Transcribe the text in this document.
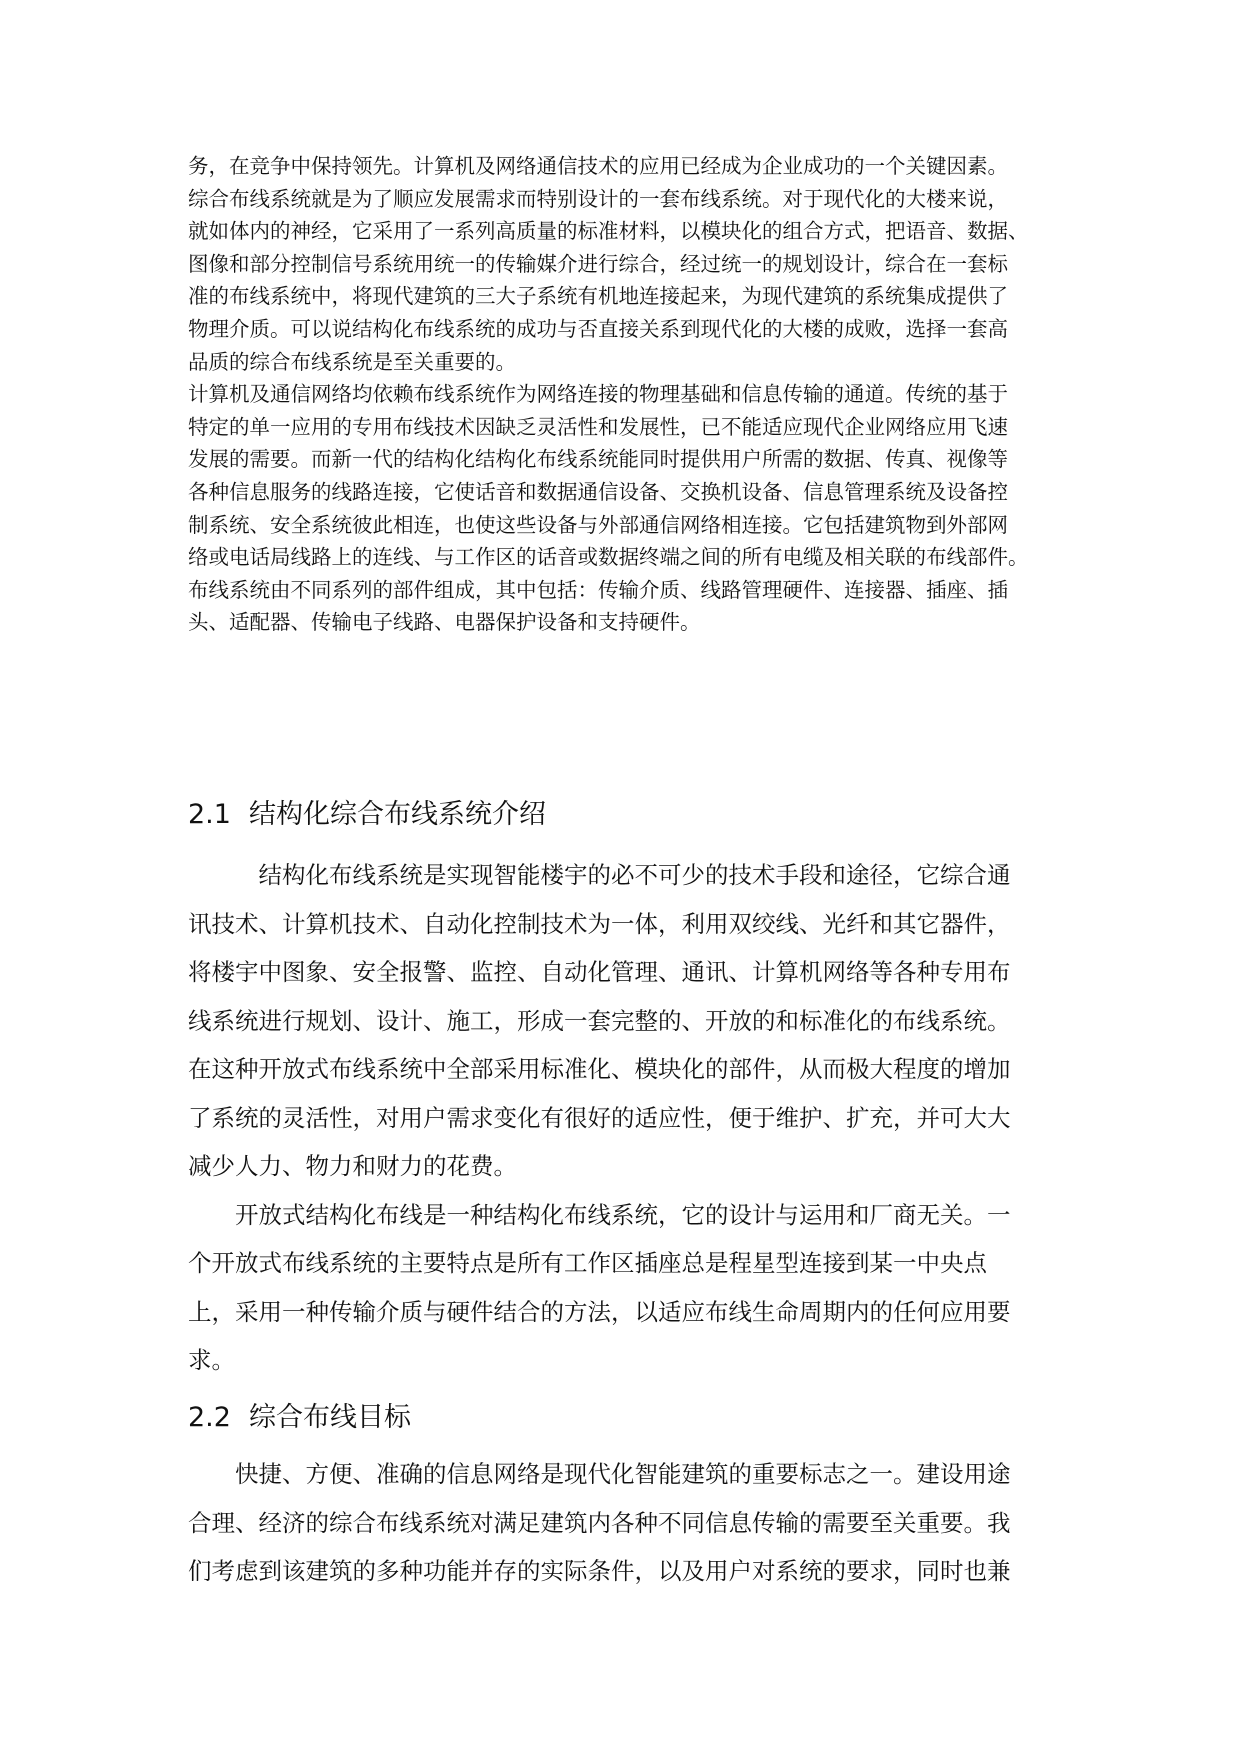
务，在竞争中保持领先。计算机及网络通信技术的应用已经成为企业成功的一个关键因素。

综合布线系统就是为了顺应发展需求而特别设计的一套布线系统。对于现代化的大楼来说，

就如体内的神经，它采用了一系列高质量的标准材料，以模块化的组合方式，把语音、数据、

图像和部分控制信号系统用统一的传输媒介进行综合，经过统一的规划设计，综合在一套标

准的布线系统中，将现代建筑的三大子系统有机地连接起来，为现代建筑的系统集成提供了

物理介质。可以说结构化布线系统的成功与否直接关系到现代化的大楼的成败，选择一套高

品质的综合布线系统是至关重要的。

计算机及通信网络均依赖布线系统作为网络连接的物理基础和信息传输的通道。传统的基于

特定的单一应用的专用布线技术因缺乏灵活性和发展性，已不能适应现代企业网络应用飞速

发展的需要。而新一代的结构化结构化布线系统能同时提供用户所需的数据、传真、视像等

各种信息服务的线路连接，它使话音和数据通信设备、交换机设备、信息管理系统及设备控

制系统、安全系统彼此相连，也使这些设备与外部通信网络相连接。它包括建筑物到外部网

络或电话局线路上的连线、与工作区的话音或数据终端之间的所有电缆及相关联的布线部件。

布线系统由不同系列的部件组成，其中包括：传输介质、线路管理硬件、连接器、插座、插

头、适配器、传输电子线路、电器保护设备和支持硬件。

2.1 结构化综合布线系统介绍

　结构化布线系统是实现智能楼宇的必不可少的技术手段和途径，它综合通

讯技术、计算机技术、自动化控制技术为一体，利用双绞线、光纤和其它器件，

将楼宇中图象、安全报警、监控、自动化管理、通讯、计算机网络等各种专用布

线系统进行规划、设计、施工，形成一套完整的、开放的和标准化的布线系统。

在这种开放式布线系统中全部采用标准化、模块化的部件，从而极大程度的增加

了系统的灵活性，对用户需求变化有很好的适应性，便于维护、扩充，并可大大

减少人力、物力和财力的花费。

开放式结构化布线是一种结构化布线系统，它的设计与运用和厂商无关。一

个开放式布线系统的主要特点是所有工作区插座总是程星型连接到某一中央点

上，采用一种传输介质与硬件结合的方法，以适应布线生命周期内的任何应用要

求。

2.2 综合布线目标

快捷、方便、准确的信息网络是现代化智能建筑的重要标志之一。建设用途

合理、经济的综合布线系统对满足建筑内各种不同信息传输的需要至关重要。我

们考虑到该建筑的多种功能并存的实际条件，以及用户对系统的要求，同时也兼
